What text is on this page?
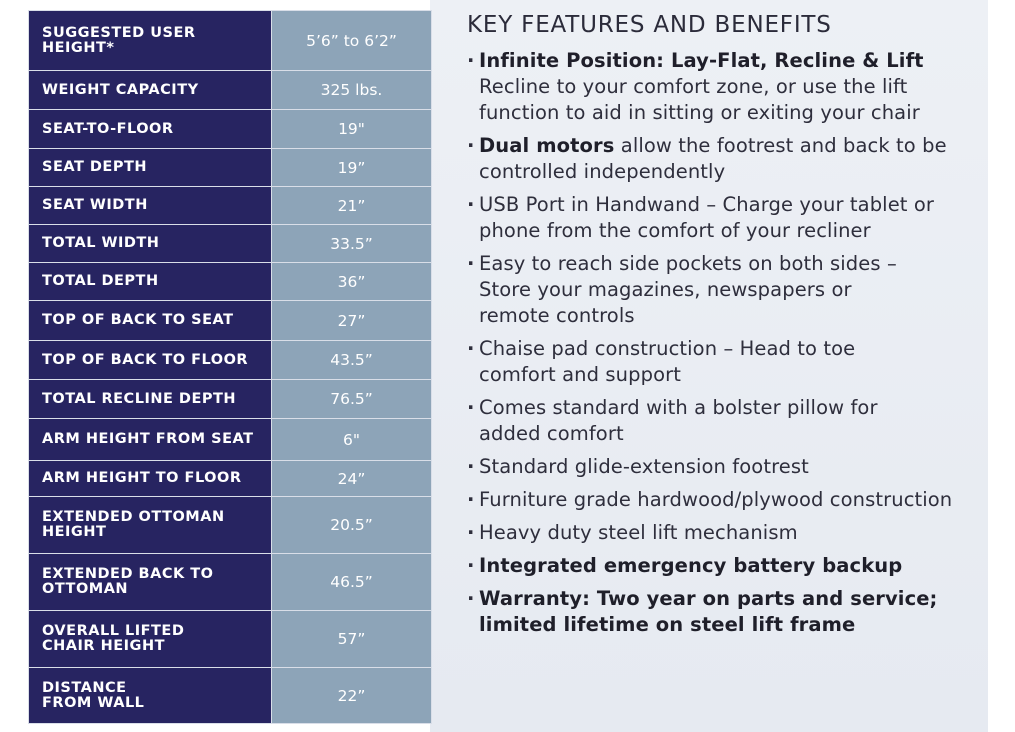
SUGGESTED USER
HEIGHT*	5’6” to 6’2”
WEIGHT CAPACITY	325 lbs.
SEAT-TO-FLOOR	19"
SEAT DEPTH	19”
SEAT WIDTH	21”
TOTAL WIDTH	33.5”
TOTAL DEPTH	36”
TOP OF BACK TO SEAT	27”
TOP OF BACK TO FLOOR	43.5”
TOTAL RECLINE DEPTH	76.5”
ARM HEIGHT FROM SEAT	6"
ARM HEIGHT TO FLOOR	24”
EXTENDED OTTOMAN
HEIGHT	20.5”
EXTENDED BACK TO
OTTOMAN	46.5”
OVERALL LIFTED
CHAIR HEIGHT	57”
DISTANCE
FROM WALL	22”
KEY FEATURES AND BENEFITS
· Infinite Position: Lay-Flat, Recline & Lift
Recline to your comfort zone, or use the lift
function to aid in sitting or exiting your chair
· Dual motors allow the footrest and back to be
controlled independently
· USB Port in Handwand – Charge your tablet or
phone from the comfort of your recliner
· Easy to reach side pockets on both sides –
Store your magazines, newspapers or
remote controls
· Chaise pad construction – Head to toe
comfort and support
· Comes standard with a bolster pillow for
added comfort
· Standard glide-extension footrest
· Furniture grade hardwood/plywood construction
· Heavy duty steel lift mechanism
· Integrated emergency battery backup
· Warranty: Two year on parts and service;
limited lifetime on steel lift frame
